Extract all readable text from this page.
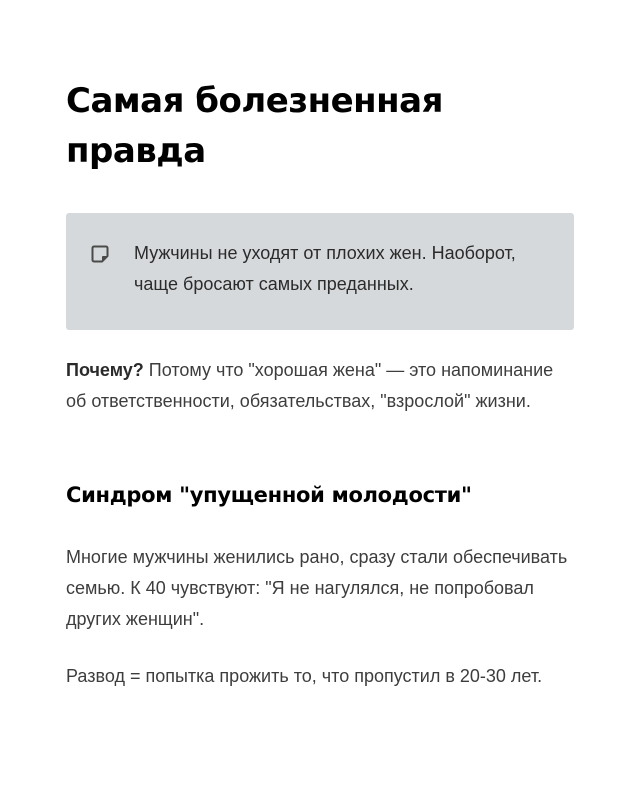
Самая болезненная правда
Мужчины не уходят от плохих жен. Наоборот, чаще бросают самых преданных.

Почему? Потому что "хорошая жена" — это напоминание об ответственности, обязательствах, "взрослой" жизни.

Синдром "упущенной молодости"

Многие мужчины женились рано, сразу стали обеспечивать семью. К 40 чувствуют: "Я не нагулялся, не попробовал других женщин".

Развод = попытка прожить то, что пропустил в 20-30 лет.
